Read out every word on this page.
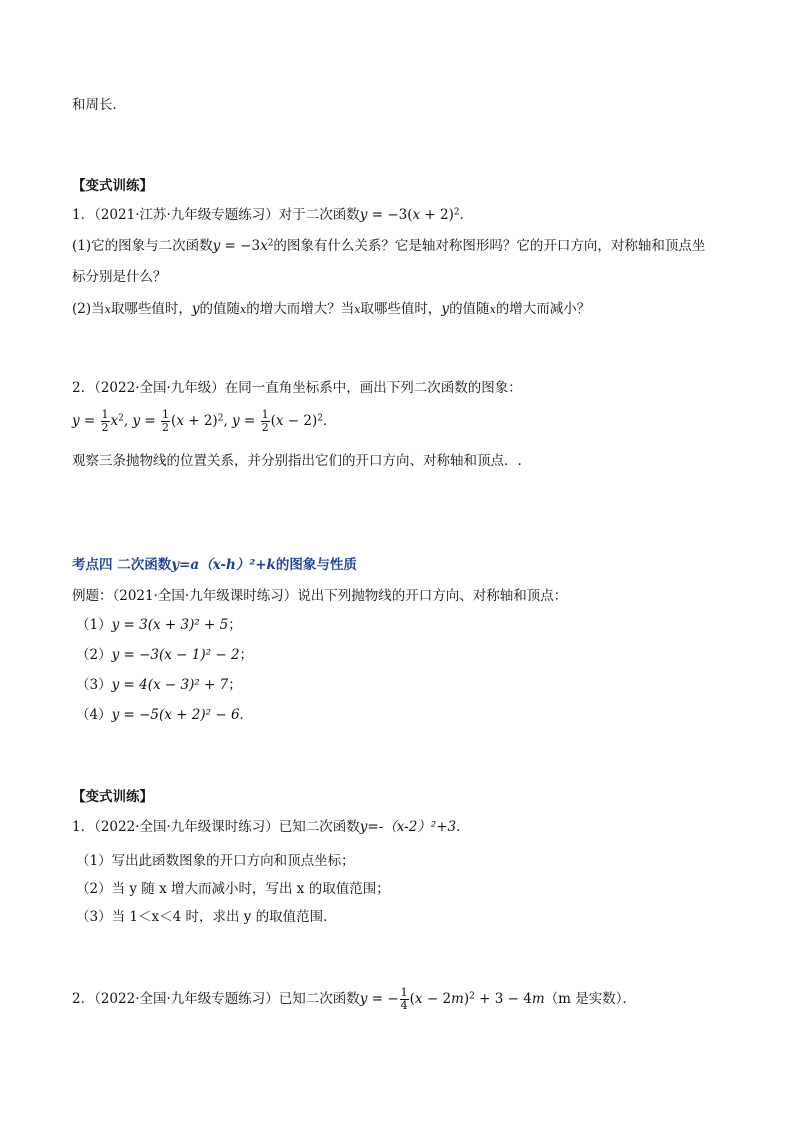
和周长．
【变式训练】
1．（2021·江苏·九年级专题练习）对于二次函数$y = -3(x + 2)^2$．
(1)它的图象与二次函数$y = -3x^2$的图象有什么关系？它是轴对称图形吗？它的开口方向，对称轴和顶点坐
标分别是什么？
(2)当x取哪些值时，y的值随x的增大而增大？当x取哪些值时，y的值随x的增大而减小？
2．（2022·全国·九年级）在同一直角坐标系中，画出下列二次函数的图象：
$y = \frac{1}{2} x^2$, $y = \frac{1}{2} (x + 2)^2$, $y = \frac{1}{2} (x - 2)^2$．
观察三条抛物线的位置关系，并分别指出它们的开口方向、对称轴和顶点．.
考点四 二次函数y=a（x-h）²+k的图象与性质
例题：（2021·全国·九年级课时练习）说出下列抛物线的开口方向、对称轴和顶点：
（1）y = 3(x + 3)² + 5；
（2）y = −3(x − 1)² − 2；
（3）y = 4(x − 3)² + 7；
（4）y = −5(x + 2)² − 6．
【变式训练】
1．（2022·全国·九年级课时练习）已知二次函数y=-（x-2）²+3．
（1）写出此函数图象的开口方向和顶点坐标；
（2）当 y 随 x 增大而减小时，写出 x 的取值范围；
（3）当 1＜x＜4 时，求出 y 的取值范围．
2．（2022·全国·九年级专题练习）已知二次函数y = − $\frac{1}{4} (x - 2m)^2 + 3 - 4m(m$ 是实数）．
